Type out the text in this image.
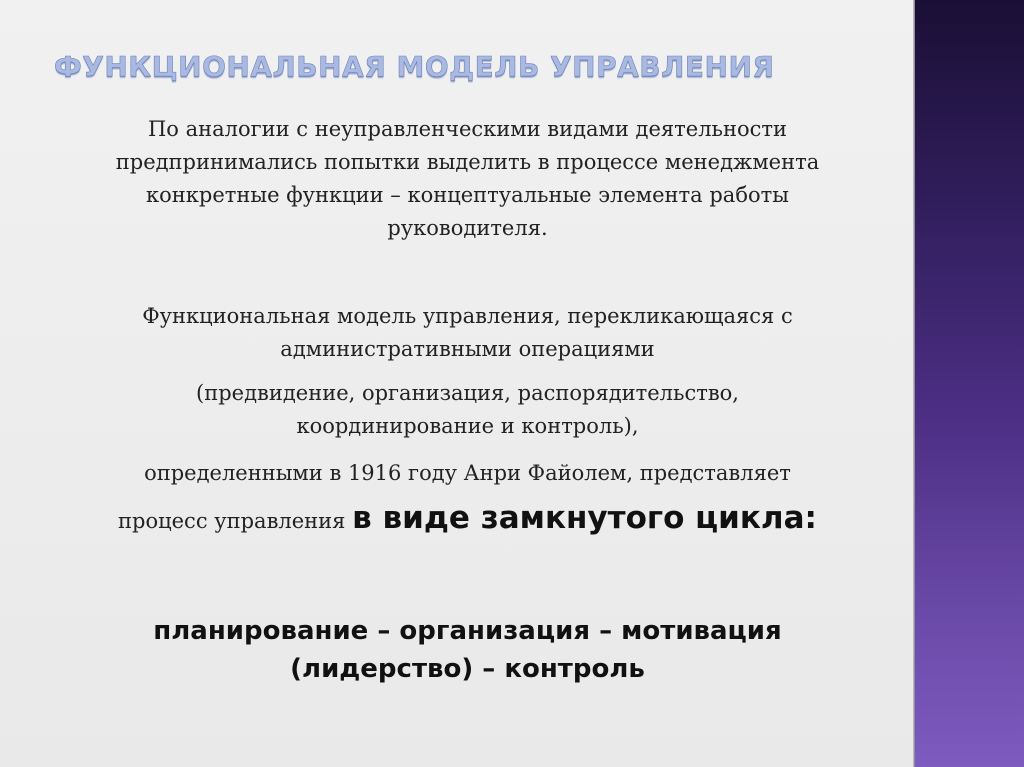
ФУНКЦИОНАЛЬНАЯ МОДЕЛЬ УПРАВЛЕНИЯ
По аналогии с неуправленческими видами деятельности предпринимались попытки выделить в процессе менеджмента конкретные функции – концептуальные элемента работы руководителя.
Функциональная модель управления, перекликающаяся с административными операциями
(предвидение, организация, распорядительство, координирование и контроль),
определенными в 1916 году Анри Файолем, представляет
процесс управления в виде замкнутого цикла:
планирование – организация – мотивация (лидерство) – контроль
